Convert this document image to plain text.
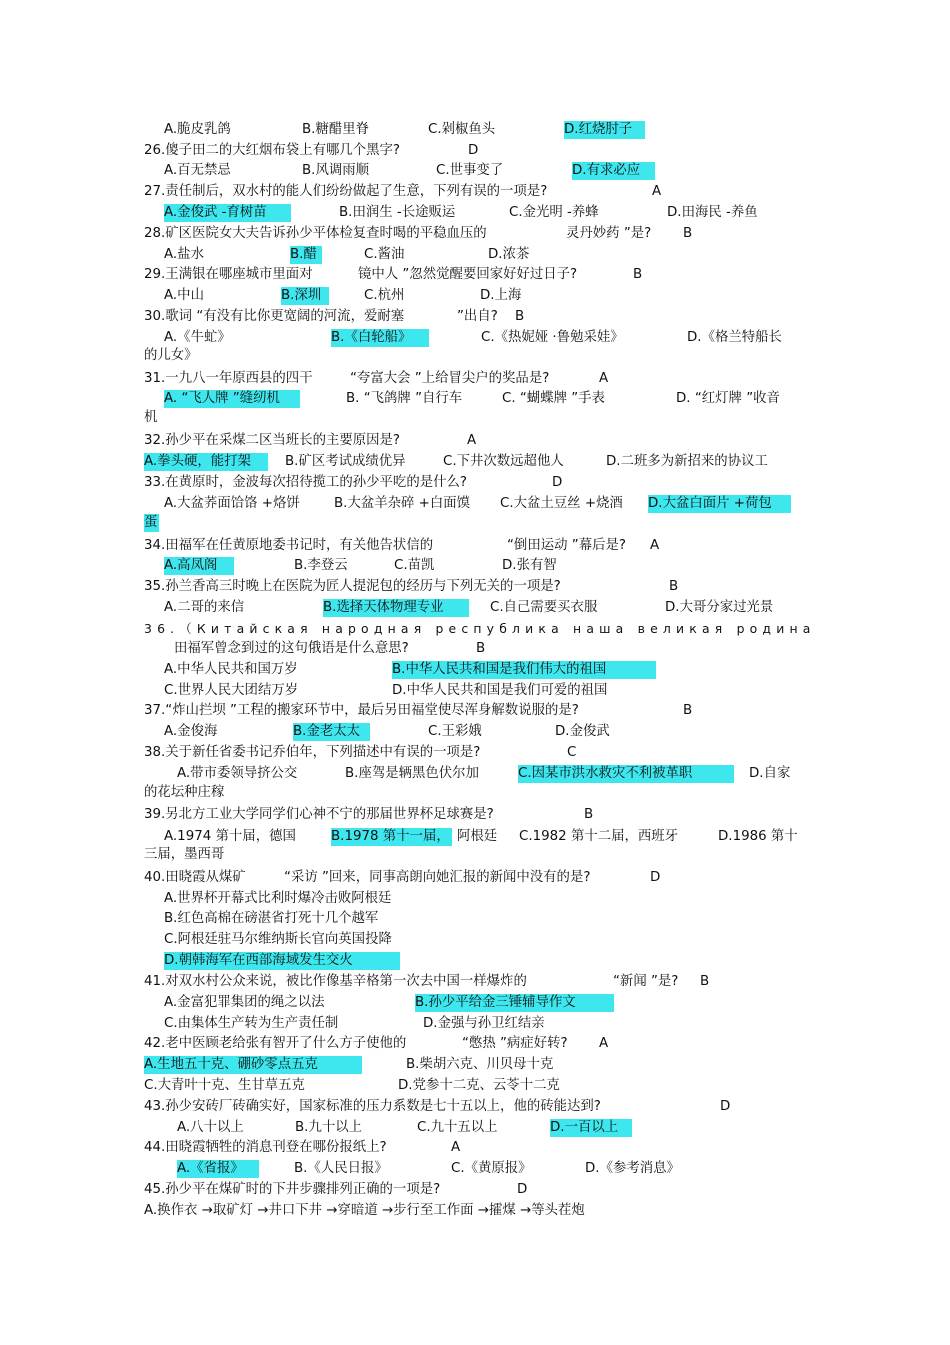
A.脆皮乳鸽	B.糖醋里脊	C.剁椒鱼头	D.红烧肘子
26.傻子田二的大红烟布袋上有哪几个黑字?	D
A.百无禁忌	B.风调雨顺	C.世事变了	D.有求必应
27.责任制后，双水村的能人们纷纷做起了生意，下列有误的一项是?	A
A.金俊武 -育树苗	B.田润生 -长途贩运	C.金光明 -养蜂	D.田海民 -养鱼
28.矿区医院女大夫告诉孙少平体检复查时喝的平稳血压的	灵丹妙药 ”是? B
A.盐水	B.醋	C.酱油	D.浓茶
29.王满银在哪座城市里面对	镜中人 ”忽然觉醒要回家好好过日子?	B
A.中山	B.深圳	C.杭州	D.上海
30.歌词 “有没有比你更宽阔的河流，爱耐塞	”出自? B
A.《牛虻》	B.《白轮船》	C.《热妮娅 ·鲁勉采娃》	D.《格兰特船长
的儿女》
31.一九八一年原西县的四干	“夸富大会 ”上给冒尖户的奖品是?	A
A. “飞人牌 ”缝纫机	B. “飞鸽牌 ”自行车	C. “蝴蝶牌 ”手表	D. “红灯牌 ”收音
机
32.孙少平在采煤二区当班长的主要原因是?	A
A.拳头硬，能打架	B.矿区考试成绩优异	C.下井次数远超他人	D.二班多为新招来的协议工
33.在黄原时，金波每次招待揽工的孙少平吃的是什么?	D
A.大盆荞面饸饹 +烙饼	B.大盆羊杂碎 +白面馍 C.大盆土豆丝 +烧酒 D.大盆白面片 +荷包
蛋
34.田福军在任黄原地委书记时，有关他告状信的	“倒田运动 ”幕后是? A
A.高凤阁	B.李登云	C.苗凯	D.张有智
35.孙兰香高三时晚上在医院为匠人提泥包的经历与下列无关的一项是?	B
A.二哥的来信	B.选择天体物理专业	C.自己需要买衣服	D.大哥分家过光景
36.（Китайская народная республика наша великая родина
田福军曾念到过的这句俄语是什么意思?	B
A.中华人民共和国万岁	B.中华人民共和国是我们伟大的祖国
C.世界人民大团结万岁	D.中华人民共和国是我们可爱的祖国
37.“炸山拦坝 ”工程的搬家环节中，最后另田福堂使尽浑身解数说服的是?	B
A.金俊海	B.金老太太	C.王彩娥	D.金俊武
38.关于新任省委书记乔伯年，下列描述中有误的一项是?	C
A.带市委领导挤公交	B.座驾是辆黑色伏尔加	C.因某市洪水救灾不利被革职	D.自家
的花坛种庄稼
39.另北方工业大学同学们心神不宁的那届世界杯足球赛是?	B
A.1974 第十届，德国	B.1978 第十一届， 阿根廷 C.1982 第十二届，西班牙	D.1986 第十
三届，墨西哥
40.田晓霞从煤矿	“采访 ”回来，同事高朗向她汇报的新闻中没有的是?	D
A.世界杯开幕式比利时爆冷击败阿根廷
B.红色高棉在磅湛省打死十几个越军
C.阿根廷驻马尔维纳斯长官向英国投降
D.朝韩海军在西部海域发生交火
41.对双水村公众来说，被比作像基辛格第一次去中国一样爆炸的	“新闻 ”是? B
A.金富犯罪集团的绳之以法	B.孙少平给金三锤辅导作文
C.由集体生产转为生产责任制	D.金强与孙卫红结亲
42.老中医顾老给张有智开了什么方子使他的	“憋热 ”病症好转? A
A.生地五十克、硼砂零点五克	B.柴胡六克、川贝母十克
C.大青叶十克、生甘草五克	D.党参十二克、云苓十二克
43.孙少安砖厂砖确实好，国家标准的压力系数是七十五以上，他的砖能达到?	D
A.八十以上	B.九十以上	C.九十五以上	D.一百以上
44.田晓霞牺牲的消息刊登在哪份报纸上?	A
A.《省报》	B.《人民日报》	C.《黄原报》	D.《参考消息》
45.孙少平在煤矿时的下井步骤排列正确的一项是?	D
A.换作衣 →取矿灯 →井口下井 →穿暗道 →步行至工作面 →攉煤 →等头茬炮
